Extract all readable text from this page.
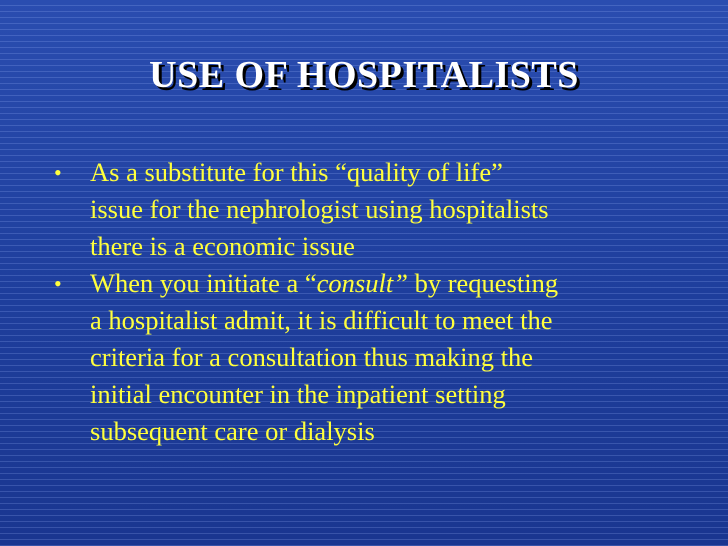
USE OF HOSPITALISTS
•	As a substitute for this “quality of life”
issue for the nephrologist using hospitalists
there is a economic issue
•	When you initiate a “consult” by requesting
a hospitalist admit, it is difficult to meet the
criteria for a consultation thus making the
initial encounter in the inpatient setting
subsequent care or dialysis
